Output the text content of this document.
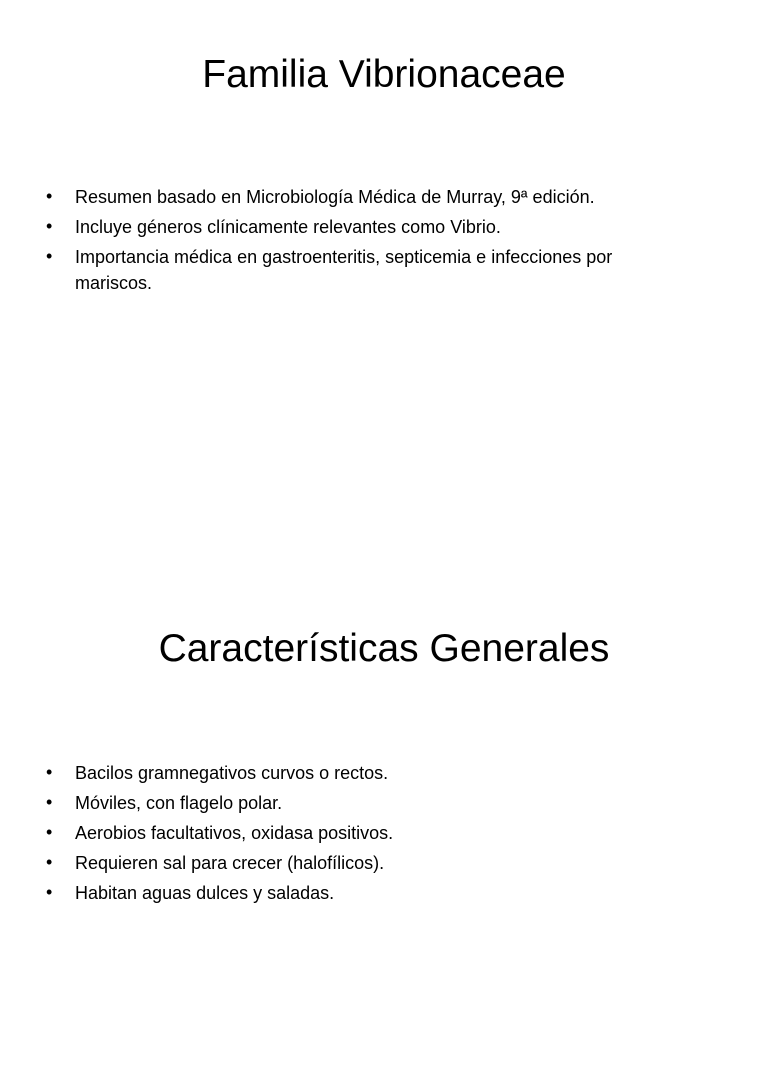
Familia Vibrionaceae
•	Resumen basado en Microbiología Médica de Murray, 9ª edición.
•	Incluye géneros clínicamente relevantes como Vibrio.
•	Importancia médica en gastroenteritis, septicemia e infecciones por mariscos.
Características Generales
•	Bacilos gramnegativos curvos o rectos.
•	Móviles, con flagelo polar.
•	Aerobios facultativos, oxidasa positivos.
•	Requieren sal para crecer (halofílicos).
•	Habitan aguas dulces y saladas.
